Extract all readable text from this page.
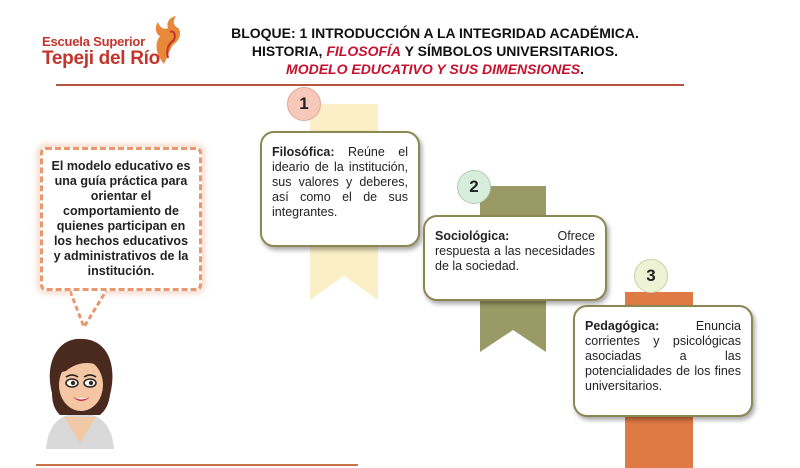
Escuela Superior
Tepeji del Río
BLOQUE: 1 INTRODUCCIÓN A LA INTEGRIDAD ACADÉMICA.
HISTORIA, FILOSOFÍA Y SÍMBOLOS UNIVERSITARIOS.
MODELO EDUCATIVO Y SUS DIMENSIONES.
El modelo educativo es una guía práctica para orientar el comportamiento de quienes participan en los hechos educativos y administrativos de la institución.
1
Filosófica: Reúne el ideario de la institución, sus valores y deberes, así como el de sus integrantes.
2
Sociológica: Ofrece respuesta a las necesidades de la sociedad.	3
Pedagógica: Enuncia corrientes y psicológicas asociadas a las potencialidades de los fines universitarios.
